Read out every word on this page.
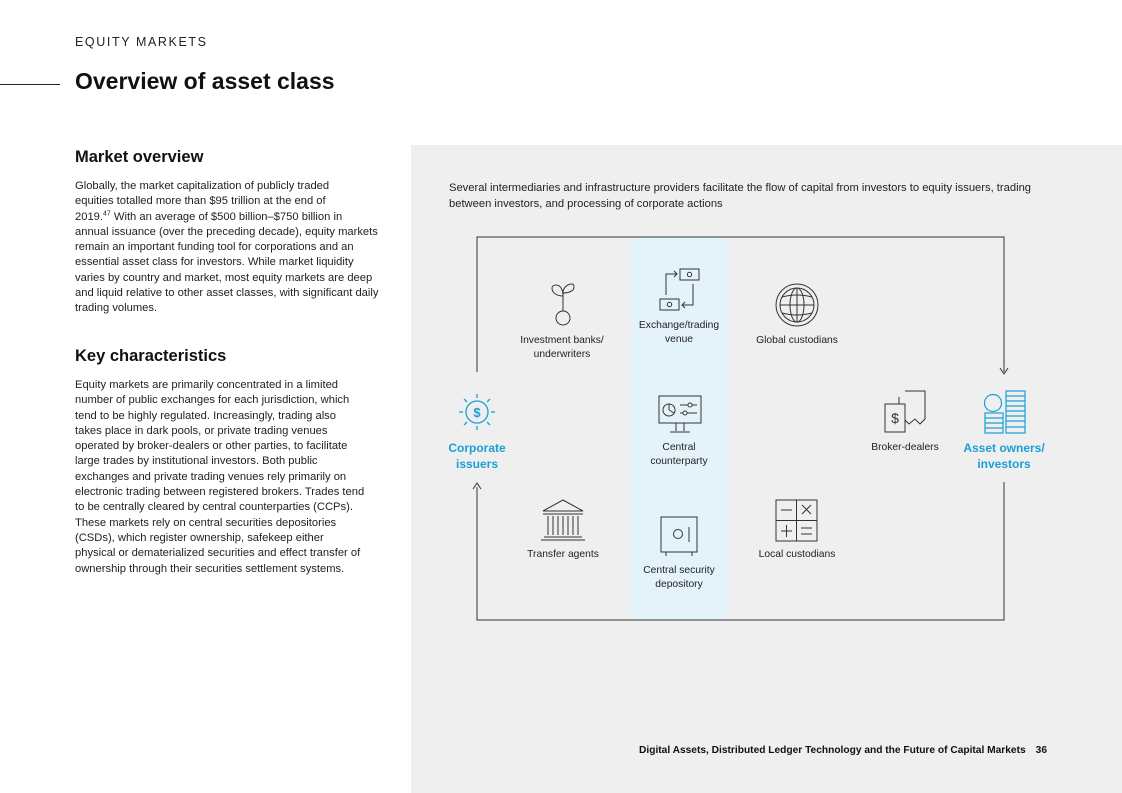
EQUITY MARKETS
Overview of asset class
Market overview

Globally, the market capitalization of publicly traded
equities totalled more than $95 trillion at the end of
2019.47 With an average of $500 billion–$750 billion in
annual issuance (over the preceding decade), equity markets remain an important funding tool for corporations and an essential asset class for investors. While market liquidity varies by country and market, most equity markets are deep and liquid relative to other asset classes, with significant daily trading volumes.

Key characteristics

Equity markets are primarily concentrated in a limited number of public exchanges for each jurisdiction, which tend to be highly regulated. Increasingly, trading also takes place in dark pools, or private trading venues operated by broker-dealers or other parties, to facilitate large trades by institutional investors. Both public exchanges and private trading venues rely primarily on electronic trading between registered brokers. Trades tend to be centrally cleared by central counterparties (CCPs). These markets rely on central securities depositories (CSDs), which register ownership, safekeep either physical or dematerialized securities and effect transfer of ownership through their securities settlement systems.

Several intermediaries and infrastructure providers facilitate the flow of capital from investors to equity issuers, trading between investors, and processing of corporate actions

$	$
Investment banks/
underwriters
Exchange/trading
venue	Global custodians
Corporate
issuers
Central
counterparty
Broker-dealers	Asset owners/
investors
Transfer agents
Central security
depository
Local custodians
Digital Assets, Distributed Ledger Technology and the Future of Capital Markets 36
